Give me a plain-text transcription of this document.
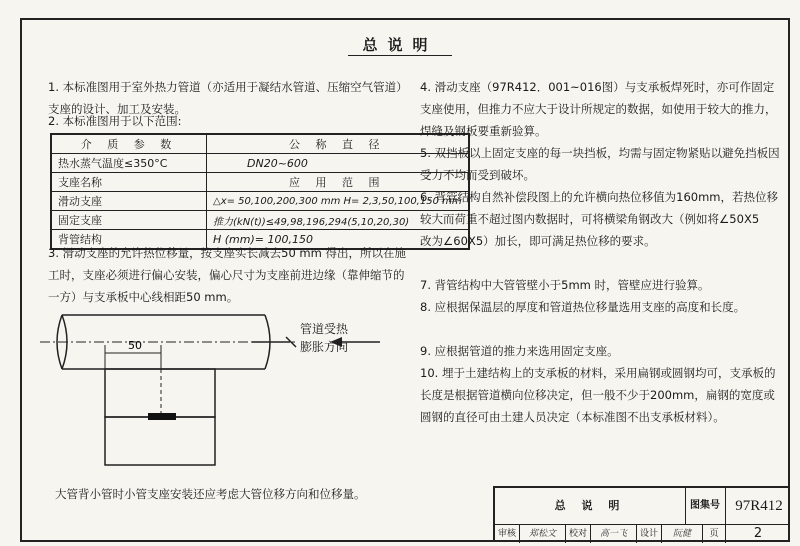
总说明

1. 本标准图用于室外热力管道（亦适用于凝结水管道、压缩空气管道）支座的设计、加工及安装。

2. 本标准图用于以下范围:

介 质 参 数	公 称 直 径
热水蒸气温度≤350°C	DN20~600
支座名称	应 用 范 围
滑动支座	△x= 50,100,200,300 mm H= 2,3,50,100,150 mm
固定支座	推力(kN(t))≤49,98,196,294(5,10,20,30)
背管结构	H (mm)= 100,150

3. 滑动支座的允许热位移量，按支座实长减去50 mm 得出，所以在施工时，支座必须进行偏心安装，偏心尺寸为支座前进边缘（靠伸缩节的一方）与支承板中心线相距50 mm。

50
管道受热
膨胀方向
大管背小管时小管支座安装还应考虑大管位移方向和位移量。

4. 滑动支座（97R412．001~016图）与支承板焊死时，亦可作固定支座使用，但推力不应大于设计所规定的数据，如使用于较大的推力，焊缝及钢板要重新验算。

5. 双挡板以上固定支座的每一块挡板，均需与固定物紧贴以避免挡板因受力不均而受到破坏。

6. 背管结构自然补偿段图上的允许横向热位移值为160mm，若热位移较大而荷重不超过图内数据时，可将横梁角钢改大（例如将∠50X5　改为∠60X5）加长，即可满足热位移的要求。

7. 背管结构中大管管壁小于5mm 时，管壁应进行验算。

8. 应根据保温层的厚度和管道热位移量选用支座的高度和长度。

9. 应根据管道的推力来选用固定支座。

10. 埋于土建结构上的支承板的材料，采用扁钢或圆钢均可，支承板的长度是根据管道横向位移决定，但一般不少于200mm，扁钢的宽度或圆钢的直径可由土建人员决定（本标准图不出支承板材料）。

总 说 明	图集号	97R412
审核	郑松文	校对	高一飞	设计	阮健	页	2
